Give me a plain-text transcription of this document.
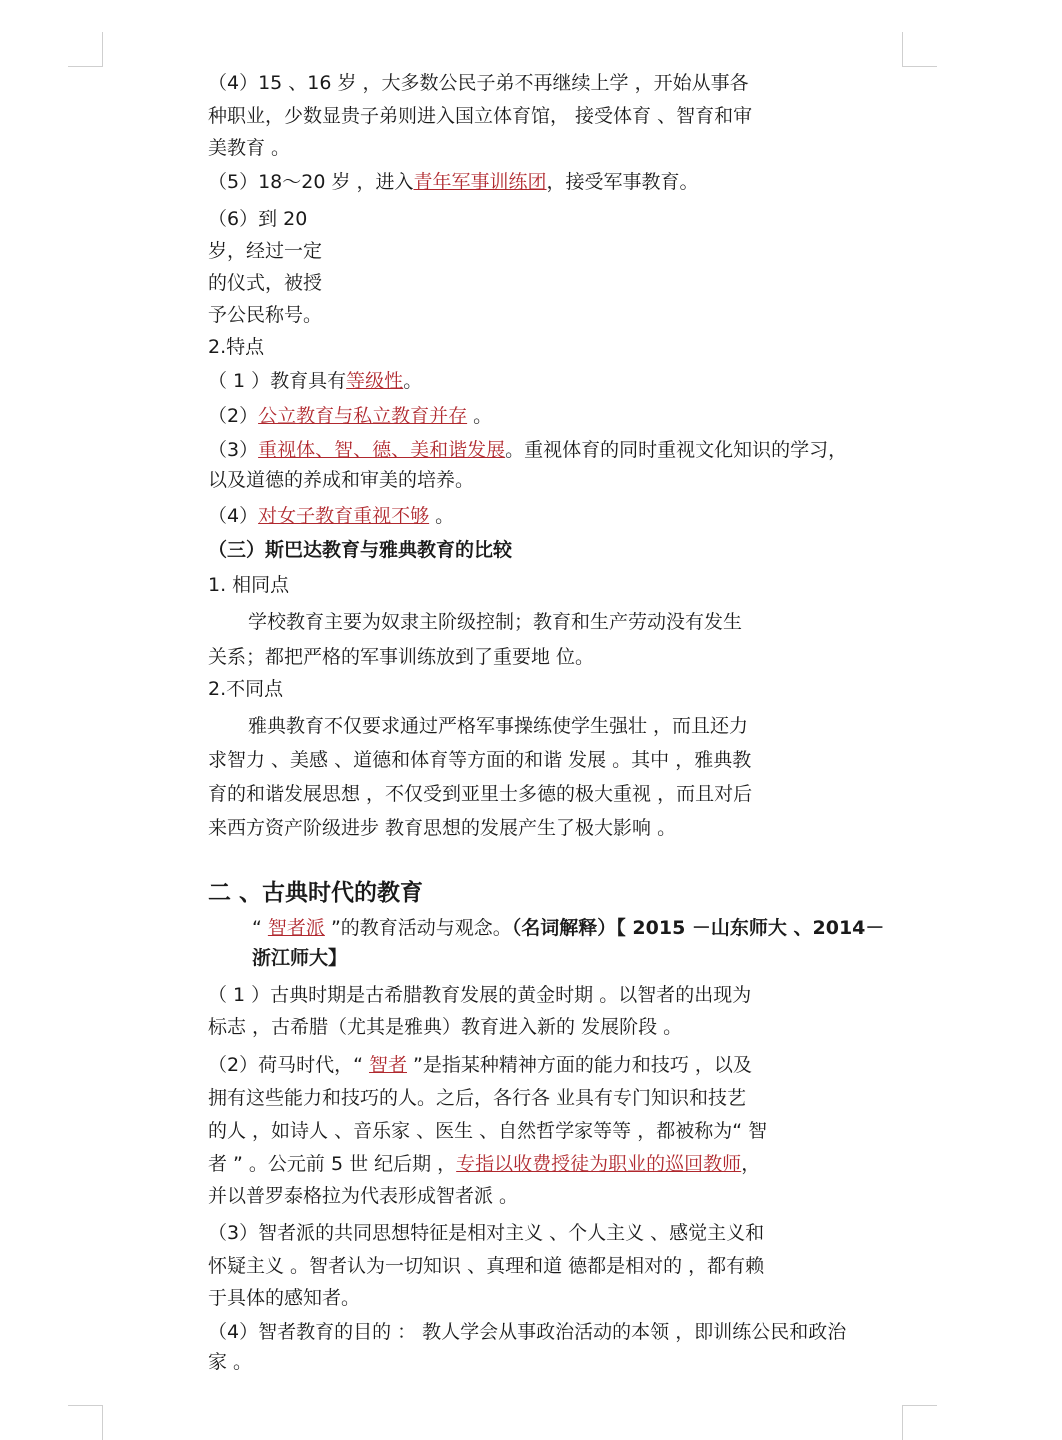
（4）15 、16 岁 ，大多数公民子弟不再继续上学 ，开始从事各
种职业，少数显贵子弟则进入国立体育馆， 接受体育 、智育和审
美教育 。
（5）18～20 岁 ，进入青年军事训练团，接受军事教育。
（6）到 20
岁，经过一定
的仪式，被授
予公民称号。
2.特点
（ 1 ）教育具有等级性。
（2）公立教育与私立教育并存 。
（3）重视体、智、德、美和谐发展。重视体育的同时重视文化知识的学习，
以及道德的养成和审美的培养。
（4）对女子教育重视不够 。
（三）斯巴达教育与雅典教育的比较
1. 相同点
学校教育主要为奴隶主阶级控制；教育和生产劳动没有发生
关系；都把严格的军事训练放到了重要地 位。
2.不同点
雅典教育不仅要求通过严格军事操练使学生强壮 ，而且还力
求智力 、美感 、道德和体育等方面的和谐 发展 。其中 ，雅典教
育的和谐发展思想 ，不仅受到亚里士多德的极大重视 ，而且对后
来西方资产阶级进步 教育思想的发展产生了极大影响 。
二 、古典时代的教育
“ 智者派 ”的教育活动与观念。（名词解释）【 2015 －山东师大 、2014－
浙江师大】
（ 1 ）古典时期是古希腊教育发展的黄金时期 。以智者的出现为
标志 ，古希腊（尤其是雅典）教育进入新的 发展阶段 。
（2）荷马时代，“ 智者 ”是指某种精神方面的能力和技巧 ，以及
拥有这些能力和技巧的人。之后，各行各 业具有专门知识和技艺
的人 ，如诗人 、音乐家 、医生 、自然哲学家等等 ，都被称为“ 智
者 ” 。公元前 5 世 纪后期 ，专指以收费授徒为职业的巡回教师，
并以普罗泰格拉为代表形成智者派 。
（3）智者派的共同思想特征是相对主义 、个人主义 、感觉主义和
怀疑主义 。智者认为一切知识 、真理和道 德都是相对的 ，都有赖
于具体的感知者。
（4）智者教育的目的 ： 教人学会从事政治活动的本领 ，即训练公民和政治
家 。
